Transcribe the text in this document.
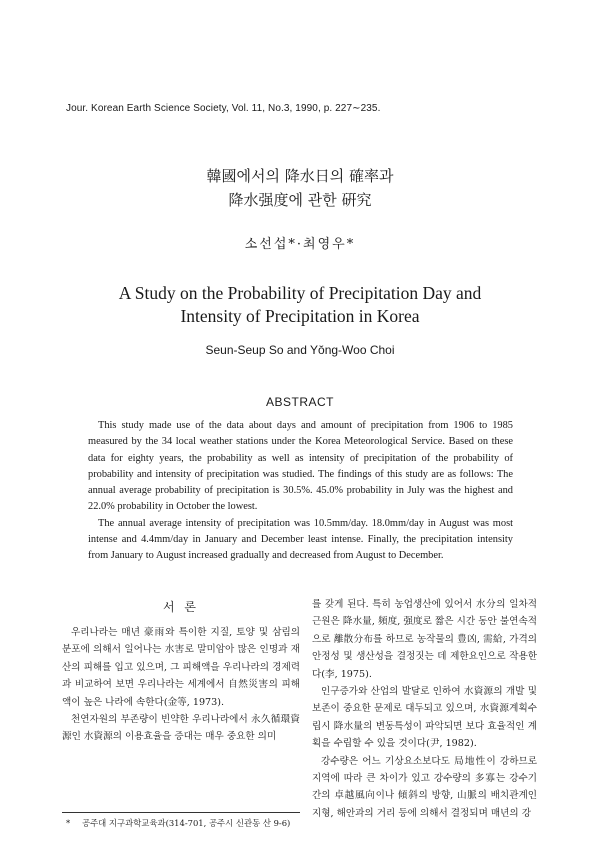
Jour. Korean Earth Science Society, Vol. 11, No.3, 1990, p. 227∼235.
韓國에서의 降水日의 確率과
降水强度에 관한 硏究
소선섭*·최영우*
A Study on the Probability of Precipitation Day and
Intensity of Precipitation in Korea
Seun-Seup So and Yŏng-Woo Choi
ABSTRACT

This study made use of the data about days and amount of precipitation from 1906 to 1985 measured by the 34 local weather stations under the Korea Meteorological Service. Based on these data for eighty years, the probability as well as intensity of precipitation of the probability of probability and intensity of precipitation was studied. The findings of this study are as follows: The annual average probability of precipitation is 30.5%. 45.0% probability in July was the highest and 22.0% probability in October the lowest.

The annual average intensity of precipitation was 10.5mm/day. 18.0mm/day in August was most intense and 4.4mm/day in January and December least intense. Finally, the precipitation intensity from January to August increased gradually and decreased from August to December.

서 론

우리나라는 매년 豪雨와 특이한 지질, 토양 및 삼림의 분포에 의해서 일어나는 水害로 말미암아 많은 인명과 재산의 피해를 입고 있으며, 그 피해액을 우리나라의 경제력과 비교하여 보면 우리나라는 세계에서 自然災害의 피해액이 높은 나라에 속한다(金等, 1973).

천연자원의 부존량이 빈약한 우리나라에서 永久循環資源인 水資源의 이용효율을 증대는 매우 중요한 의미

를 갖게 된다. 특히 농업생산에 있어서 水分의 일차적 근원은 降水量, 頻度, 强度로 짧은 시간 동안 불연속적으로 離散分布를 하므로 농작물의 豊凶, 需給, 가격의 안정성 및 생산성을 결정짓는 데 제한요인으로 작용한다(李, 1975).

인구증가와 산업의 발달로 인하여 水資源의 개발 및 보존이 중요한 문제로 대두되고 있으며, 水資源계획수립시 降水量의 변동특성이 파악되면 보다 효율적인 계획을 수립할 수 있을 것이다(尹, 1982).

강수량은 어느 기상요소보다도 局地性이 강하므로 지역에 따라 큰 차이가 있고 강수량의 多寡는 강수기간의 卓越風向이나 傾斜의 방향, 山脈의 배치관계인 지형, 해안과의 거리 등에 의해서 결정되며 매년의 강

* 공주대 지구과학교육과(314-701, 공주시 신관동 산 9-6)
